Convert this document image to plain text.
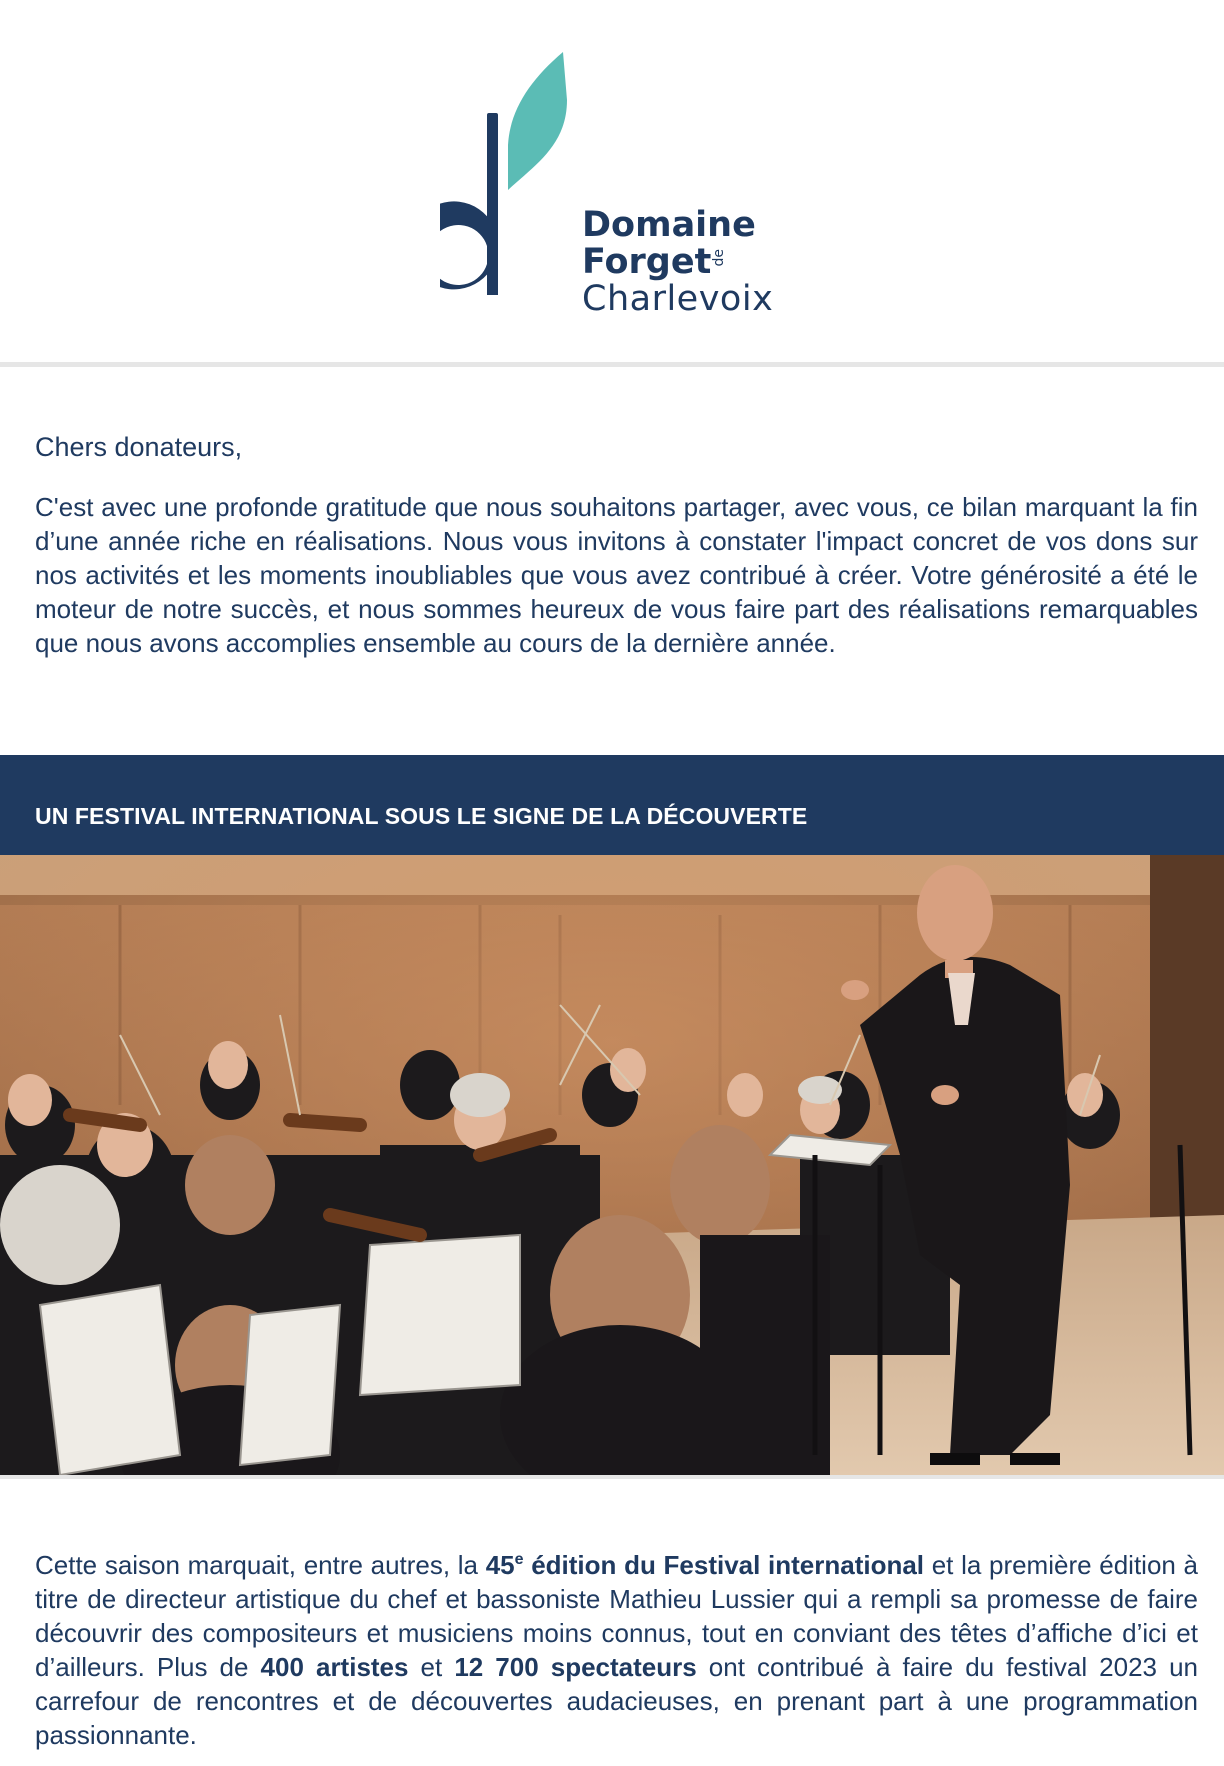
Domaine
Forget de
Charlevoix
Chers donateurs,

C'est avec une profonde gratitude que nous souhaitons partager, avec vous, ce bilan marquant la fin d’une année riche en réalisations. Nous vous invitons à constater l'impact concret de vos dons sur nos activités et les moments inoubliables que vous avez contribué à créer. Votre générosité a été le moteur de notre succès, et nous sommes heureux de vous faire part des réalisations remarquables que nous avons accomplies ensemble au cours de la dernière année.

UN FESTIVAL INTERNATIONAL SOUS LE SIGNE DE LA DÉCOUVERTE

Cette saison marquait, entre autres, la 45e édition du Festival international et la première édition à titre de directeur artistique du chef et bassoniste Mathieu Lussier qui a rempli sa promesse de faire découvrir des compositeurs et musiciens moins connus, tout en conviant des têtes d’affiche d’ici et d’ailleurs. Plus de 400 artistes et 12 700 spectateurs ont contribué à faire du festival 2023 un carrefour de rencontres et de découvertes audacieuses, en prenant part à une programmation passionnante.
